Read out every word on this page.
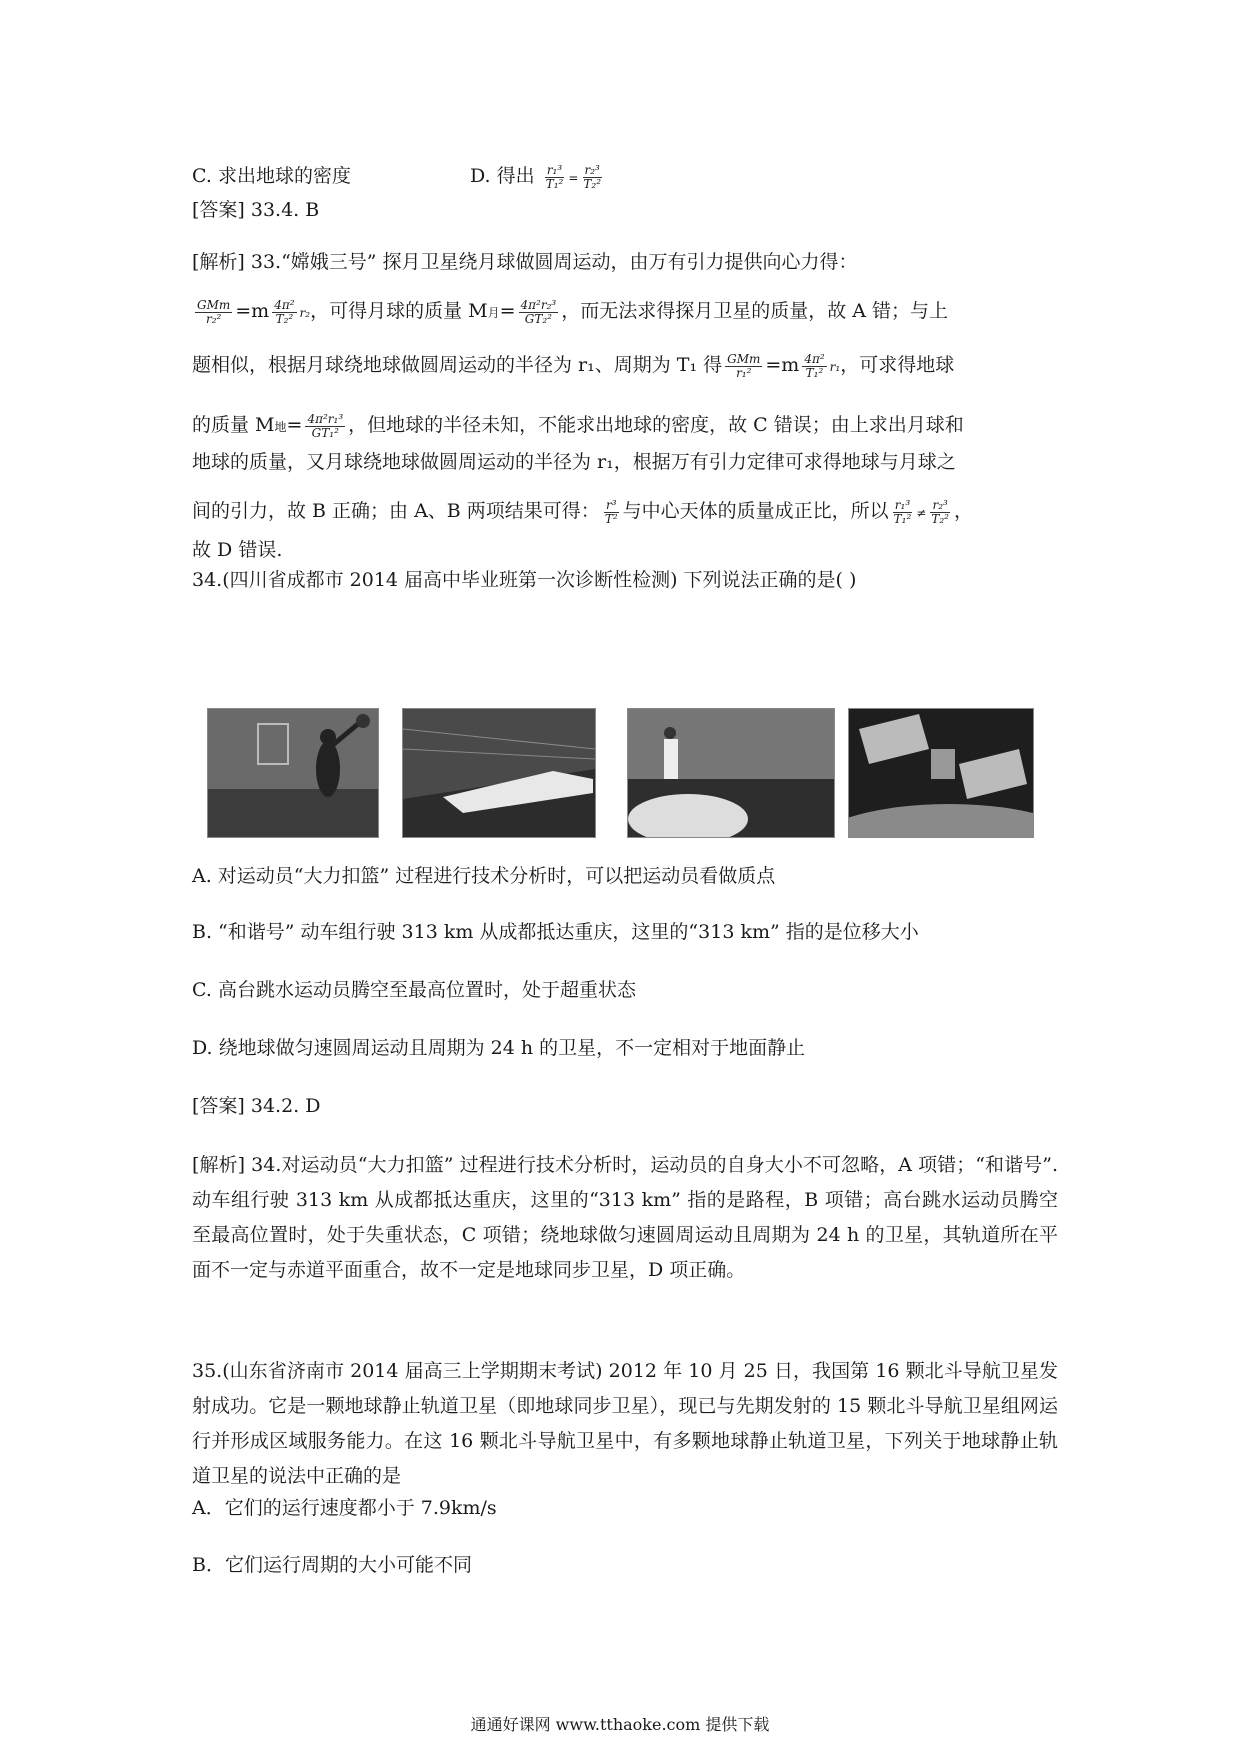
C. 求出地球的密度	D. 得出 $\frac{\text{r₁³}}{\text{T₁²}} = \frac{\text{r₂³}}{\text{T₂²}}$
[答案] 33.4. B
[解析] 33.“嫦娥三号” 探月卫星绕月球做圆周运动，由万有引力提供向心力得：
$\frac{\text{GMm}}{\text{r₂²}} =m \frac{\text{4π²}}{\text{T₂²}} r_2$，可得月球的质量 M月= $\frac{\text{4π²r₂³}}{\text{GT₂²}}$ ，而无法求得探月卫星的质量，故 A 错；与上
题相似，根据月球绕地球做圆周运动的半径为 r₁、周期为 T₁ 得 $\frac{\text{GMm}}{\text{r₁²}} =m \frac{\text{4π²}}{\text{T₁²}} r_1$，可求得地球
的质量 M地= $\frac{\text{4π²r₁³}}{\text{GT₁²}}$ ，但地球的半径未知，不能求出地球的密度，故 C 错误；由上求出月球和
地球的质量，又月球绕地球做圆周运动的半径为 r₁，根据万有引力定律可求得地球与月球之
间的引力，故 B 正确；由 A、B 两项结果可得： $\frac{\text{r³}}{\text{T²}}$ 与中心天体的质量成正比，所以 $\frac{\text{r₁³}}{\text{T₁²}} \ne \frac{\text{r₂³}}{\text{T₂²}}$ ，
故 D 错误.
34.(四川省成都市 2014 届高中毕业班第一次诊断性检测) 下列说法正确的是( )
A. 对运动员“大力扣篮” 过程进行技术分析时，可以把运动员看做质点
B. “和谐号” 动车组行驶 313 km 从成都抵达重庆，这里的“313 km” 指的是位移大小
C. 高台跳水运动员腾空至最高位置时，处于超重状态
D. 绕地球做匀速圆周运动且周期为 24 h 的卫星，不一定相对于地面静止
[答案] 34.2. D
[解析] 34.对运动员“大力扣篮” 过程进行技术分析时，运动员的自身大小不可忽略，A 项错；“和谐号”. 动车组行驶 313 km 从成都抵达重庆，这里的“313 km” 指的是路程，B 项错；高台跳水运动员腾空至最高位置时，处于失重状态，C 项错；绕地球做匀速圆周运动且周期为 24 h 的卫星，其轨道所在平面不一定与赤道平面重合，故不一定是地球同步卫星，D 项正确。
35.(山东省济南市 2014 届高三上学期期末考试) 2012 年 10 月 25 日，我国第 16 颗北斗导航卫星发射成功。它是一颗地球静止轨道卫星（即地球同步卫星），现已与先期发射的 15 颗北斗导航卫星组网运行并形成区域服务能力。在这 16 颗北斗导航卫星中，有多颗地球静止轨道卫星，下列关于地球静止轨道卫星的说法中正确的是
A．它们的运行速度都小于 7.9km/s
B．它们运行周期的大小可能不同
通通好课网 www.tthaoke.com 提供下载
